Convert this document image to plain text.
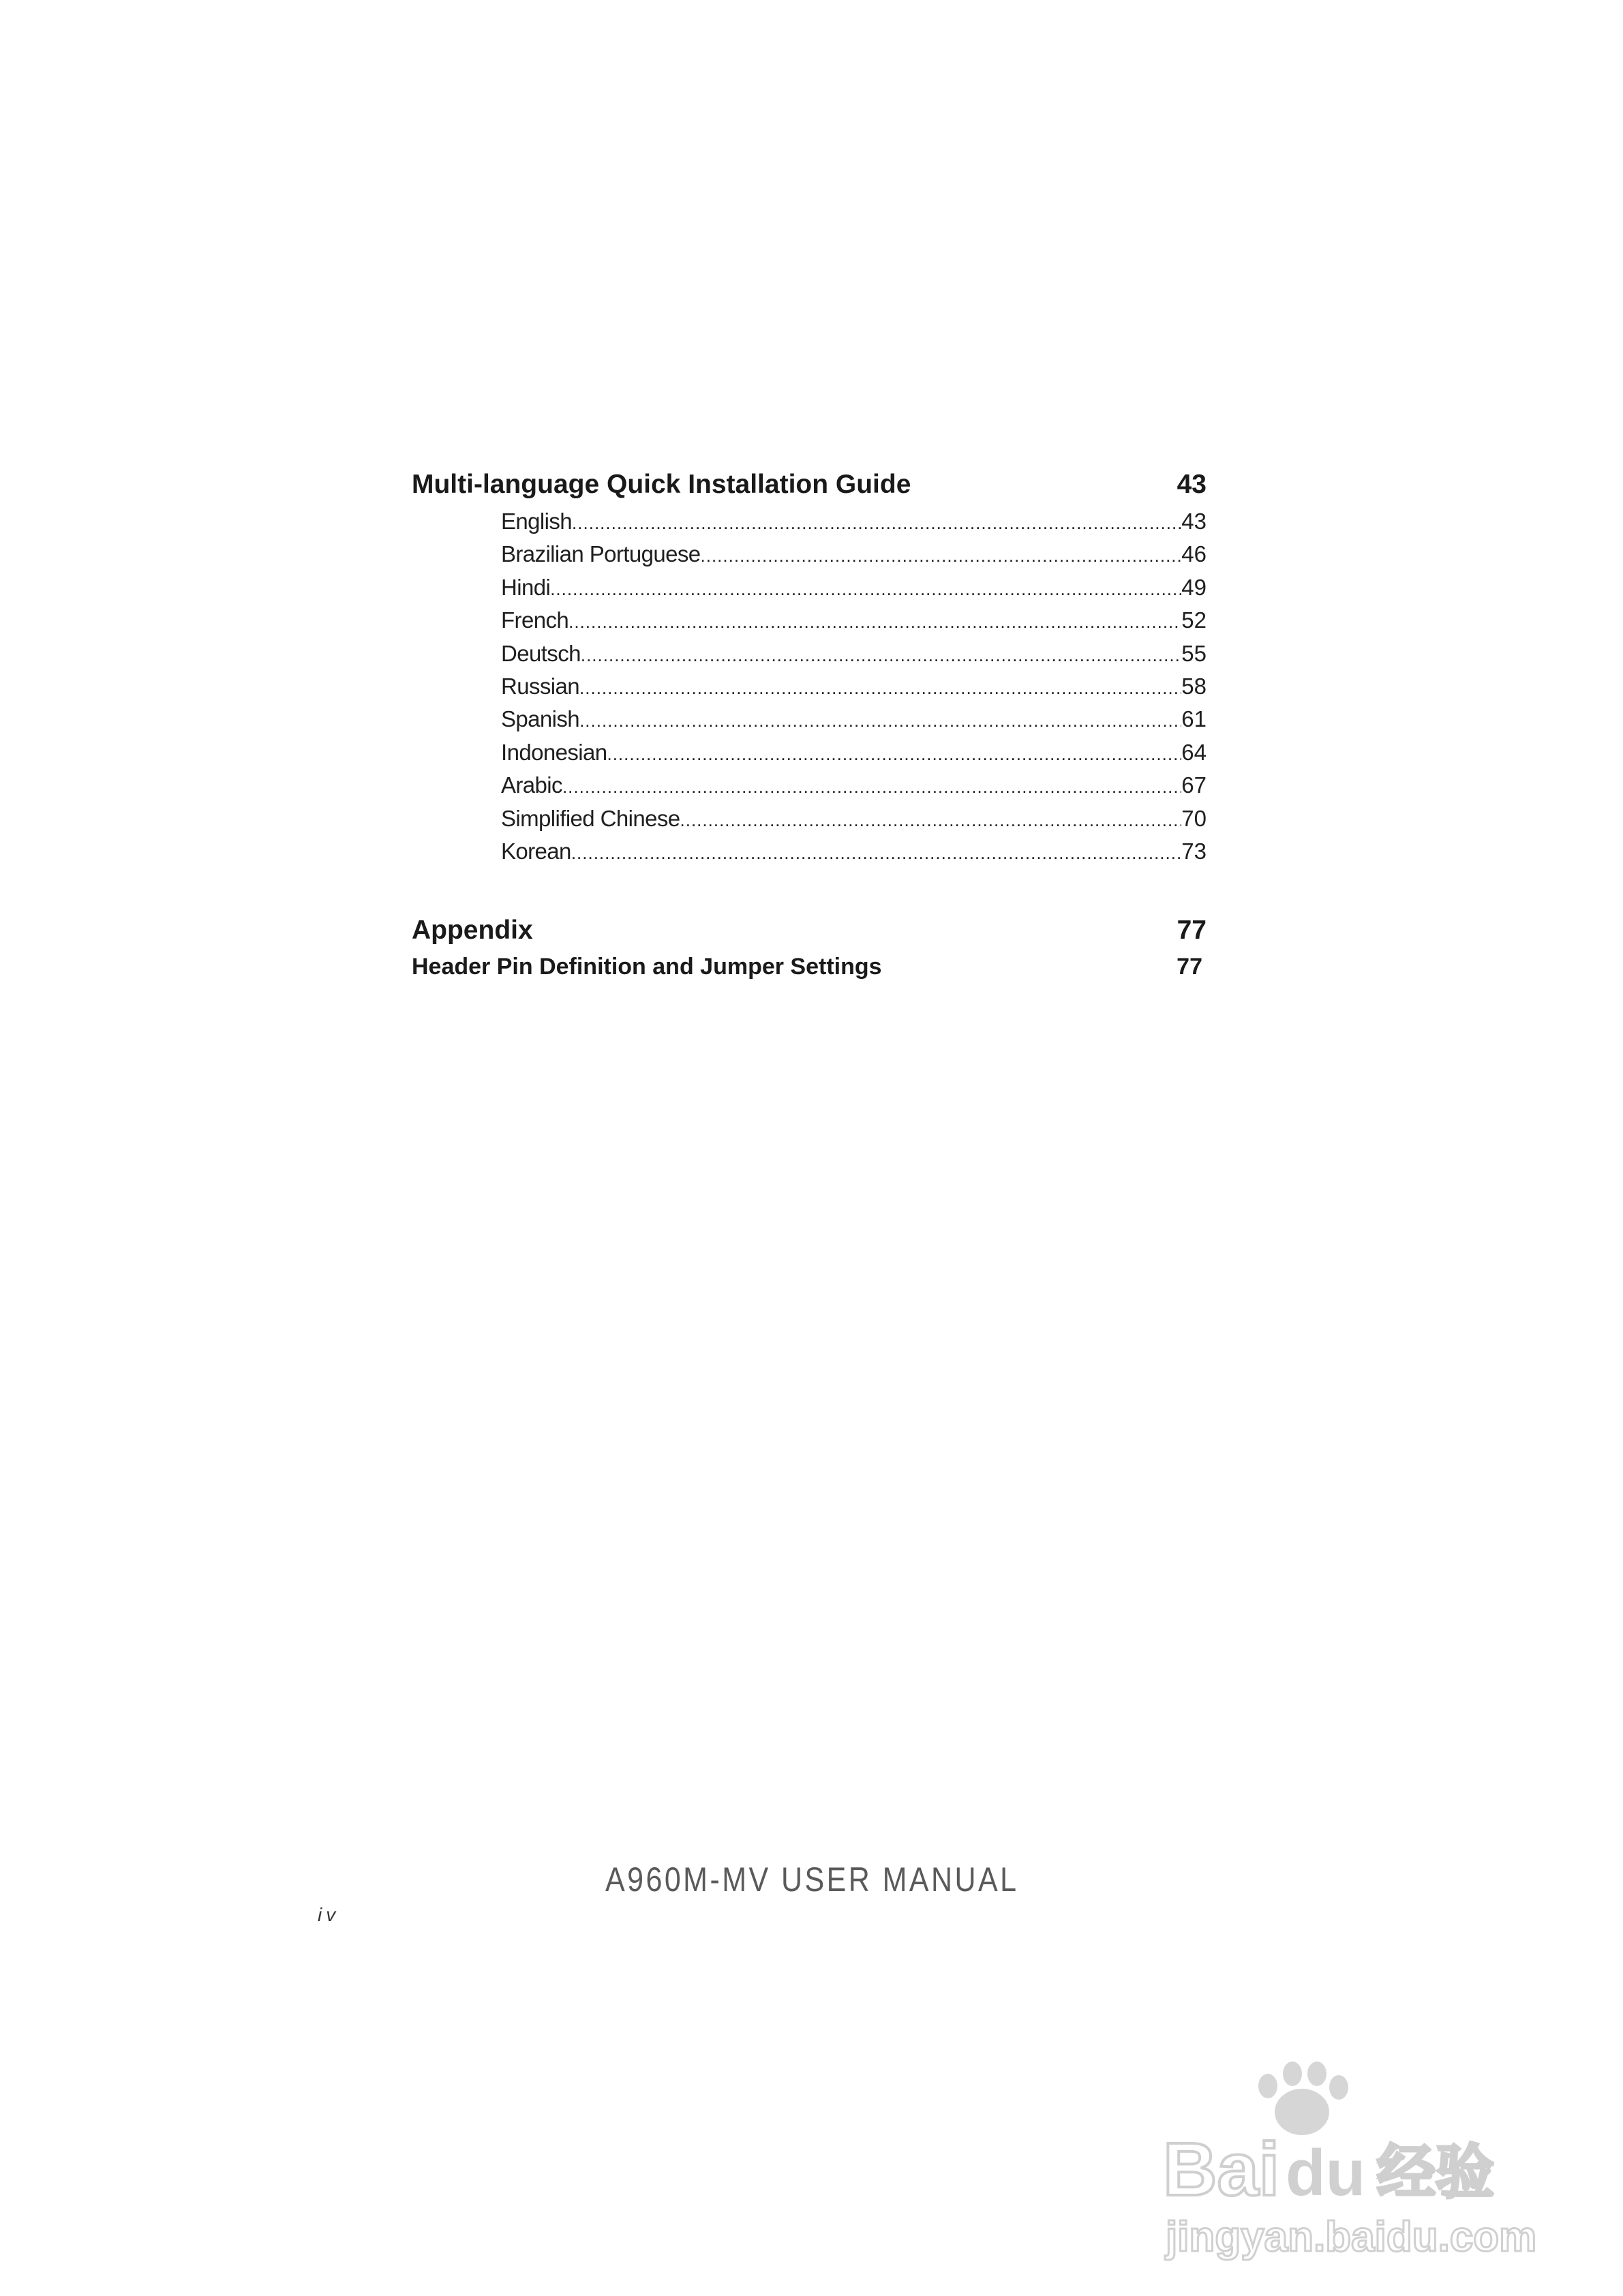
Multi-language Quick Installation Guide	43
English .....	43
Brazilian Portuguese .....	46
Hindi .....	49
French .....	52
Deutsch .....	55
Russian .....	58
Spanish .....	61
Indonesian .....	64
Arabic .....	67
Simplified Chinese .....	70
Korean .....	73
Appendix	77
Header Pin Definition and Jumper Settings	77
A960M-MV USER MANUAL
iv
Bai du 经验
jingyan.baidu.com
